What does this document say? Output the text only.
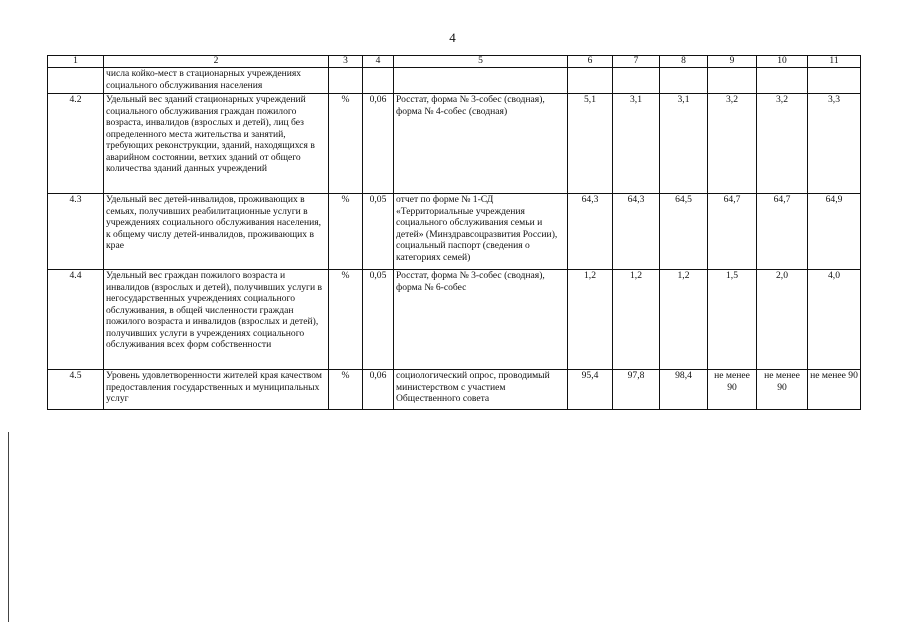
4
1	2	3	4	5	6	7	8	9	10	11
	числа койко-мест в стационарных учреждениях социального обслуживания населения									
4.2	Удельный вес зданий стационарных учреждений социального обслуживания граждан пожилого возраста, инвалидов (взрослых и детей), лиц без определенного места жительства и занятий, требующих реконструкции, зданий, находящихся в аварийном состоянии, ветхих зданий от общего количества зданий данных учреждений	%	0,06	Росстат, форма № 3-собес (сводная), форма № 4-собес (сводная)	5,1	3,1	3,1	3,2	3,2	3,3
4.3	Удельный вес детей-инвалидов, проживающих в семьях, получивших реабилитационные услуги в учреждениях социального обслуживания населения, к общему числу детей-инвалидов, проживающих в крае	%	0,05	отчет по форме № 1-СД «Территориальные учреждения социального обслуживания семьи и детей» (Минздравсоцразвития России), социальный паспорт (сведения о категориях семей)	64,3	64,3	64,5	64,7	64,7	64,9
4.4	Удельный вес граждан пожилого возраста и инвалидов (взрослых и детей), получивших услуги в негосударственных учреждениях социального обслуживания, в общей численности граждан пожилого возраста и инвалидов (взрослых и детей), получивших услуги в учреждениях социального обслуживания всех форм собственности	%	0,05	Росстат, форма № 3-собес (сводная), форма № 6-собес	1,2	1,2	1,2	1,5	2,0	4,0
4.5	Уровень удовлетворенности жителей края качеством предоставления государственных и муниципальных услуг	%	0,06	социологический опрос, проводимый министерством с участием Общественного совета	95,4	97,8	98,4	не менее 90	не менее 90	не менее 90
